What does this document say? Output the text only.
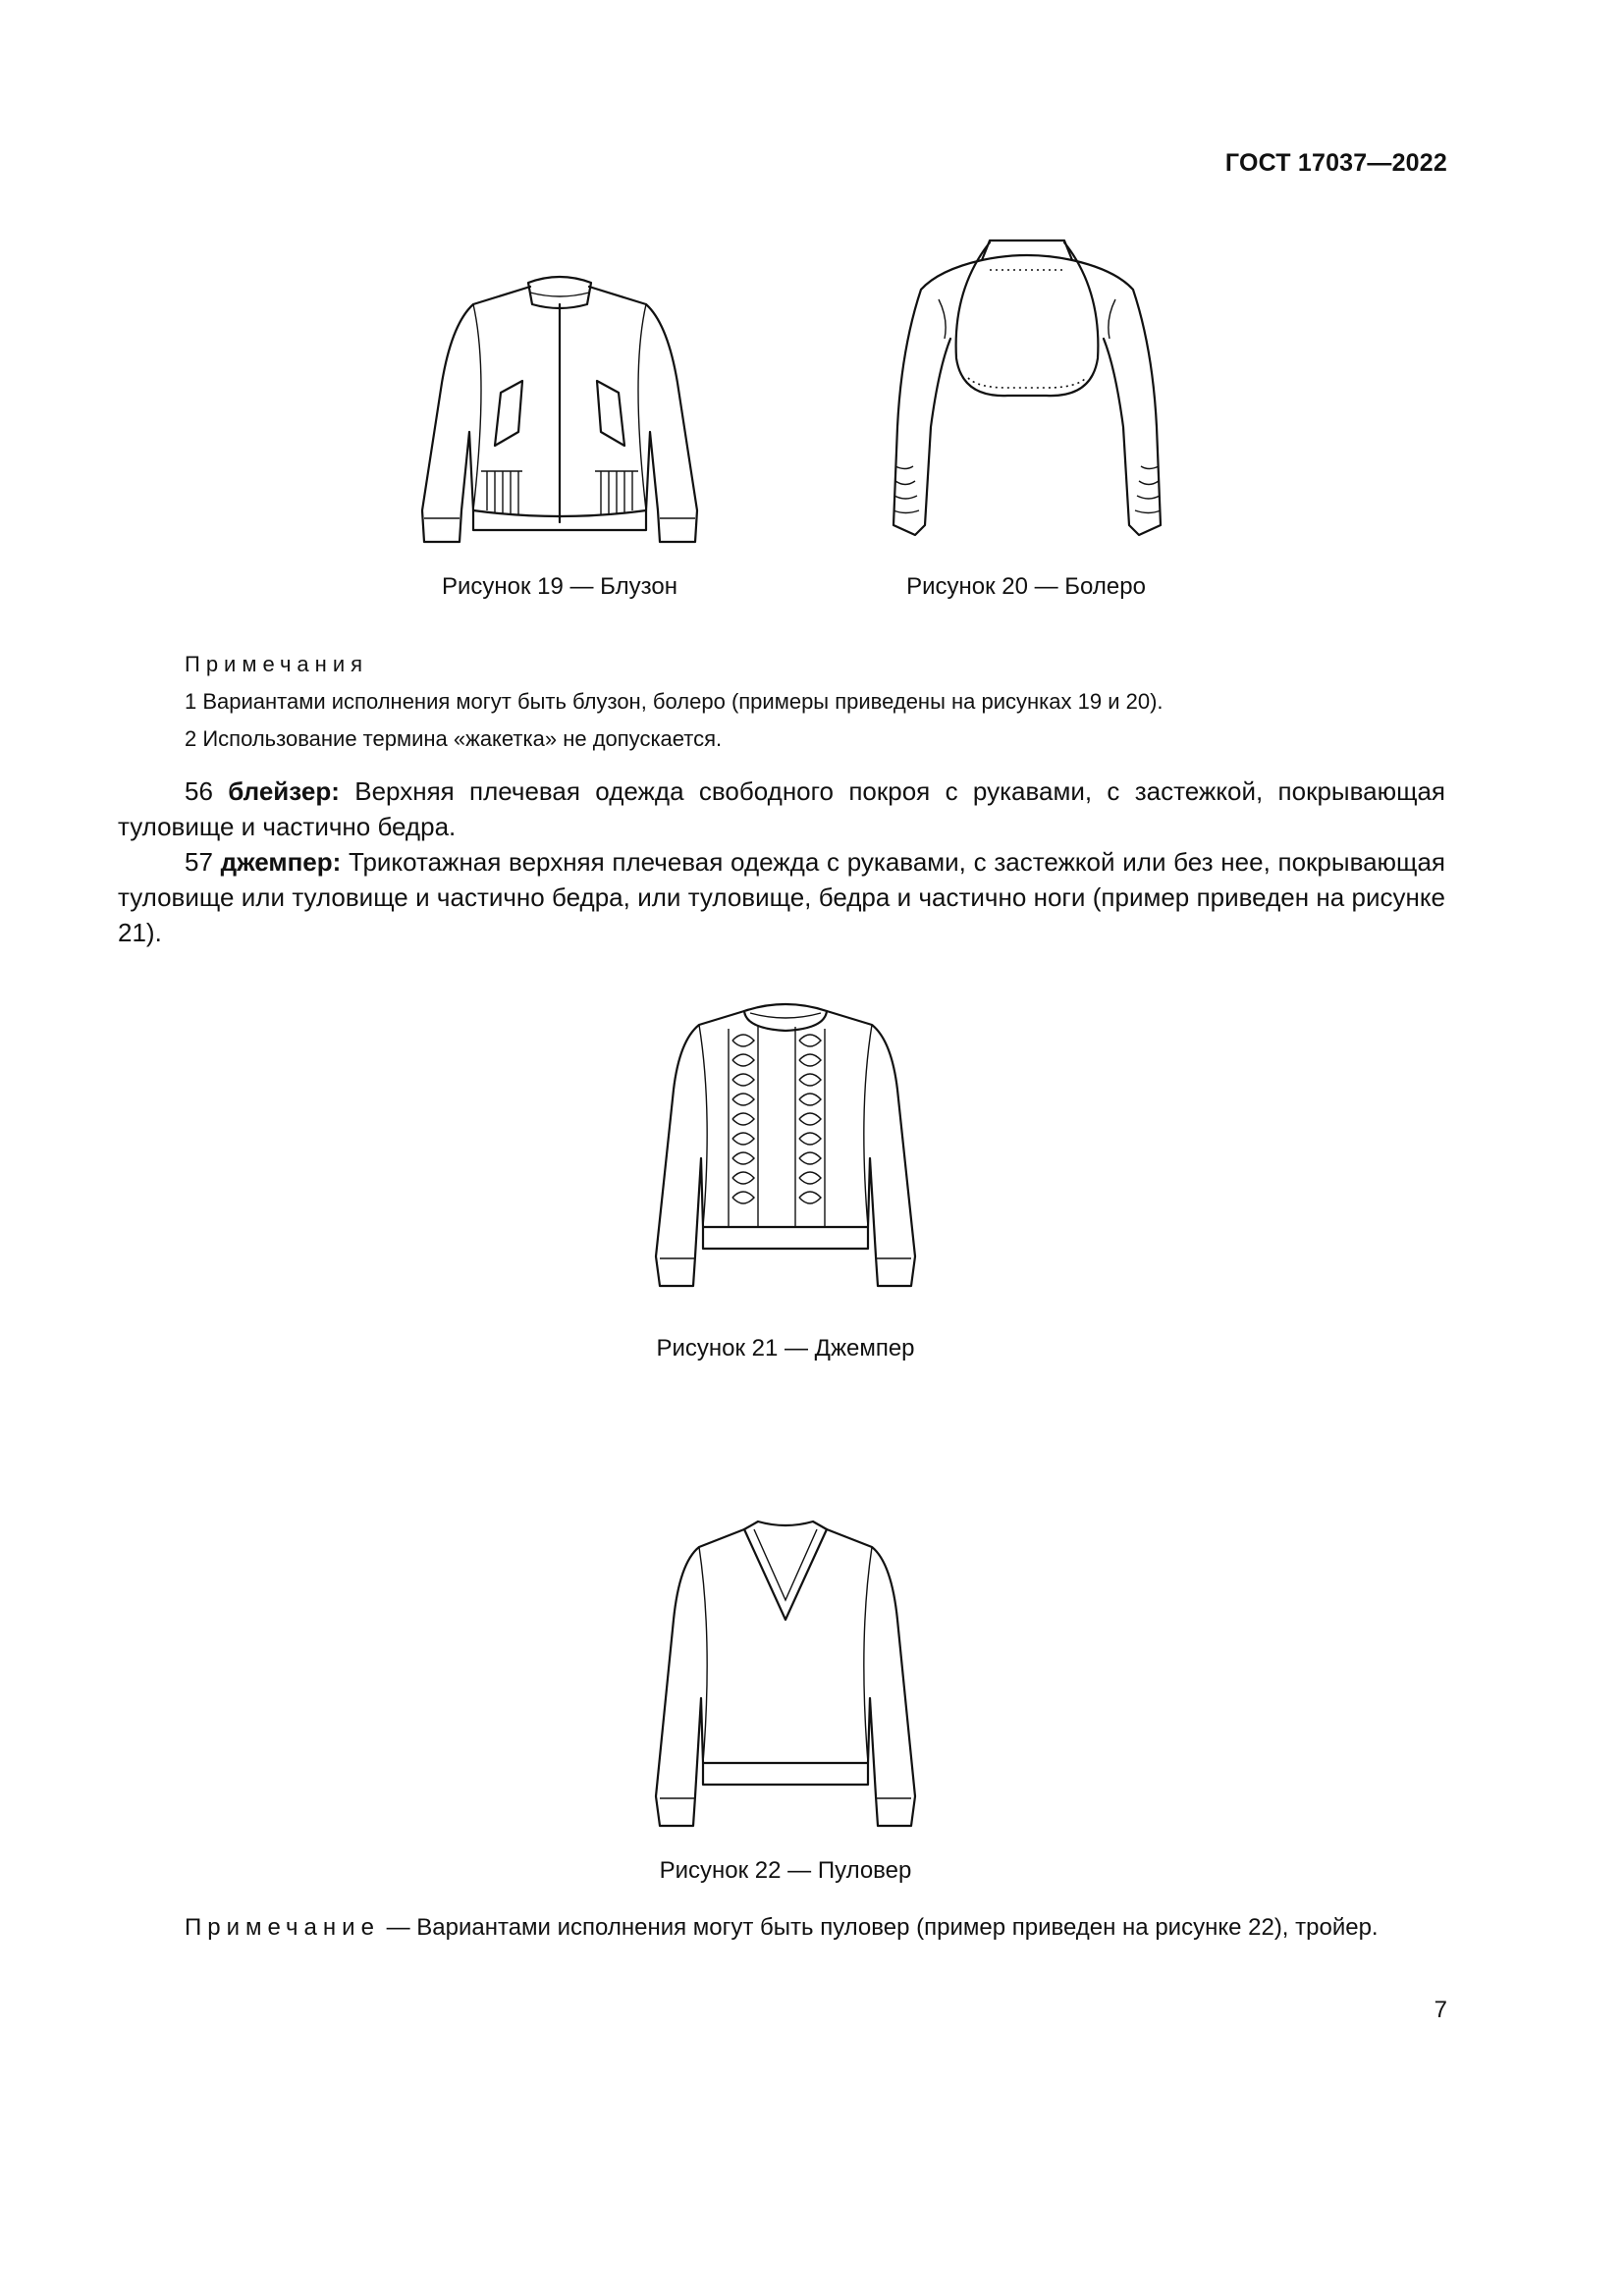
ГОСТ 17037—2022
Рисунок 19 — Блузон	Рисунок 20 — Болеро
Примечания
1 Вариантами исполнения могут быть блузон, болеро (примеры приведены на рисунках 19 и 20).
2 Использование термина «жакетка» не допускается.
56 блейзер: Верхняя плечевая одежда свободного покроя с рукавами, с застежкой, покрывающая туловище и частично бедра.
57 джемпер: Трикотажная верхняя плечевая одежда с рукавами, с застежкой или без нее, покрывающая туловище или туловище и частично бедра, или туловище, бедра и частично ноги (пример приведен на рисунке 21).
Рисунок 21 — Джемпер
Рисунок 22 — Пуловер
Примечание — Вариантами исполнения могут быть пуловер (пример приведен на рисунке 22), тройер.
7
